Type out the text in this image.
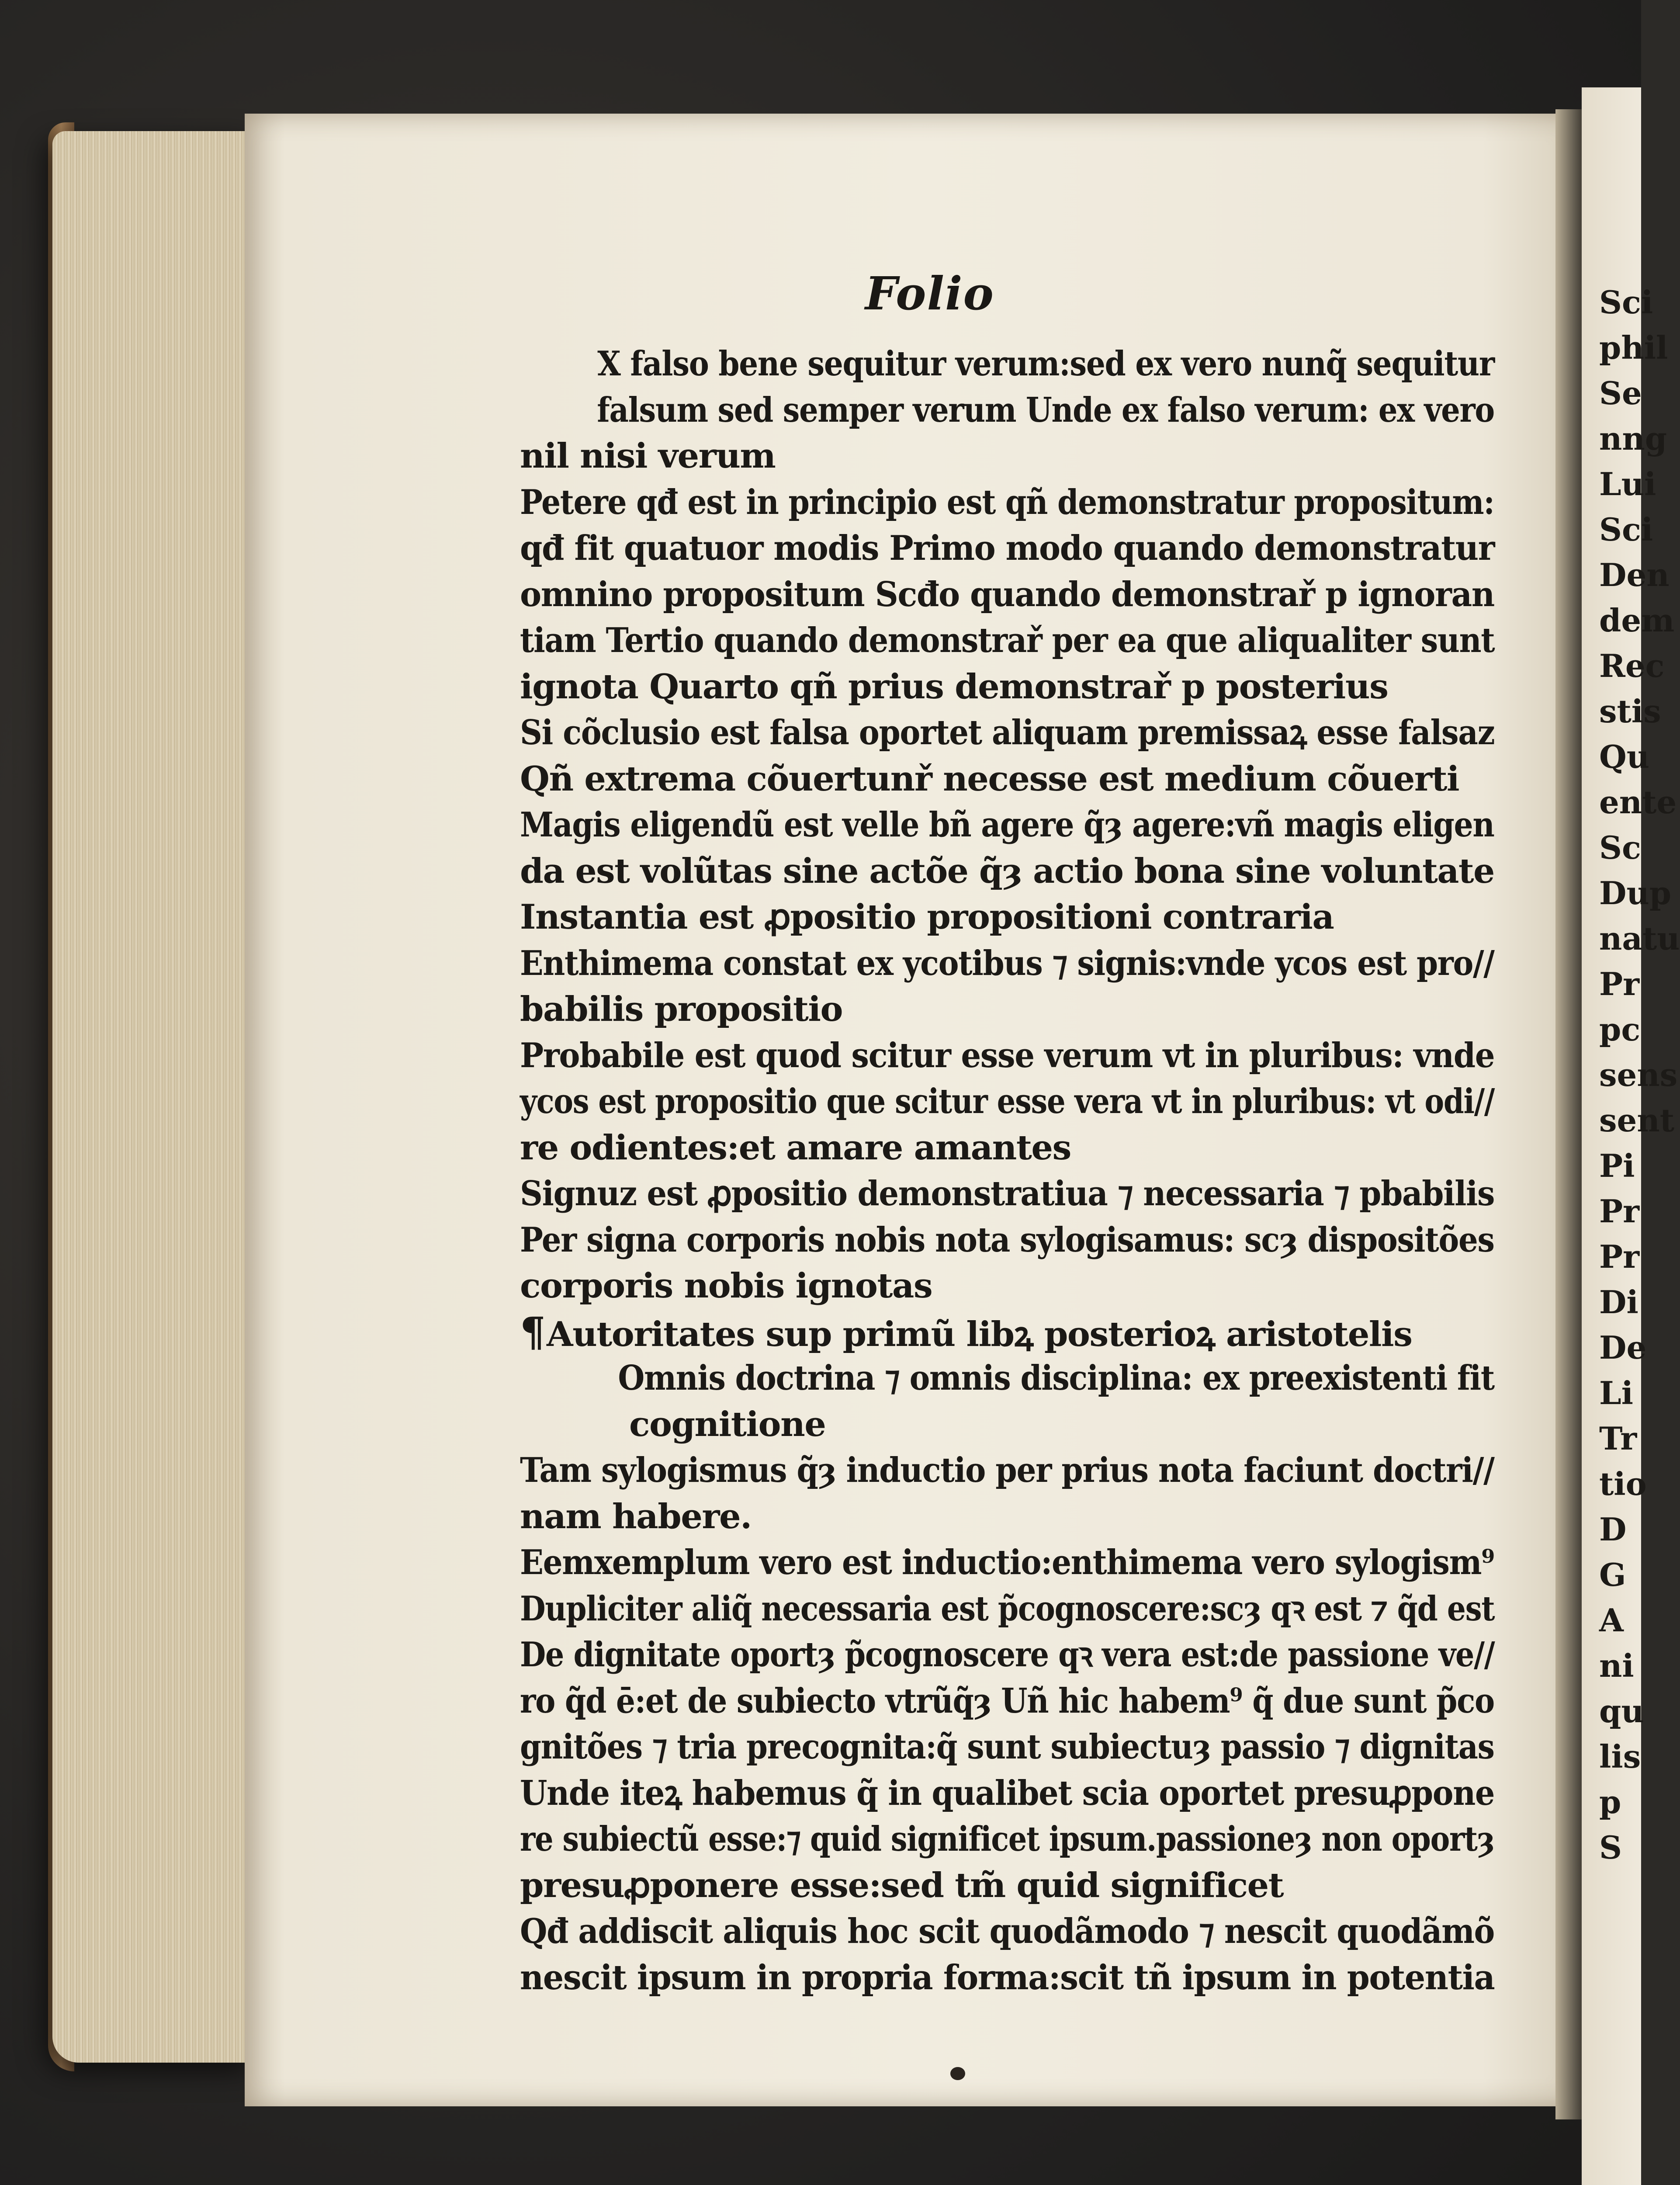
Folio
X falso bene sequitur verum:sed ex vero nunq̃ sequitur
falsum sed semper verum Unde ex falso verum: ex vero
nil nisi verum
Petere qđ est in principio est qñ demonstratur propositum:
qđ fit quatuor modis Primo modo quando demonstratur
omnino propositum Scđo quando demonstrař p ignoran
tiam Tertio quando demonstrař per ea que aliqualiter sunt
ignota Quarto qñ prius demonstrař p posterius
Si cõclusio est falsa oportet aliquam premissaꝝ esse falsaz
Qñ extrema cõuertunř necesse est medium cõuerti
Magis eligendũ est velle bñ agere q̃ȝ agere:vñ magis eligen
da est volũtas sine actõe q̃ȝ actio bona sine voluntate
Instantia est ꝓpositio propositioni contraria
Enthimema constat ex ycotibus ⁊ signis:vnde ycos est pro//
babilis propositio
Probabile est quod scitur esse verum vt in pluribus: vnde
ycos est propositio que scitur esse vera vt in pluribus: vt odi//
re odientes:et amare amantes
Signuz est ꝓpositio demonstratiua ⁊ necessaria ⁊ pbabilis
Per signa corporis nobis nota sylogisamus: scȝ dispositões
corporis nobis ignotas
¶Autoritates sup primũ libꝝ posterioꝝ aristotelis
Omnis doctrina ⁊ omnis disciplina: ex preexistenti fit
cognitione
Tam sylogismus q̃ȝ inductio per prius nota faciunt doctri//
nam habere.
Eemxemplum vero est inductio:enthimema vero sylogism⁹
Dupliciter aliq̃ necessaria est p̃cognoscere:scȝ qꝛ est ⁊ q̃d est
De dignitate oportȝ p̃cognoscere qꝛ vera est:de passione ve//
ro q̃d ē:et de subiecto vtrũq̃ȝ Uñ hic habem⁹ q̃ due sunt p̃co
gnitões ⁊ tria precognita:q̃ sunt subiectuȝ passio ⁊ dignitas
Unde iteꝝ habemus q̃ in qualibet scia oportet presuꝓpone
re subiectũ esse:⁊ quid significet ipsum.passioneȝ non oportȝ
presuꝓponere esse:sed tm̃ quid significet
Qđ addiscit aliquis hoc scit quodãmodo ⁊ nescit quodãmõ
nescit ipsum in propria forma:scit tñ ipsum in potentia
Sci
phil
Se
nng
Lui
Sci
Den
dem
Rec
stis
Qu
ente
Sc
Dup
natu
Pr
pc
sens
sent
Pi
Pr
Pr
Di
De
Li
Tr
tio
D
G
A
ni
qu
lis
p
S
